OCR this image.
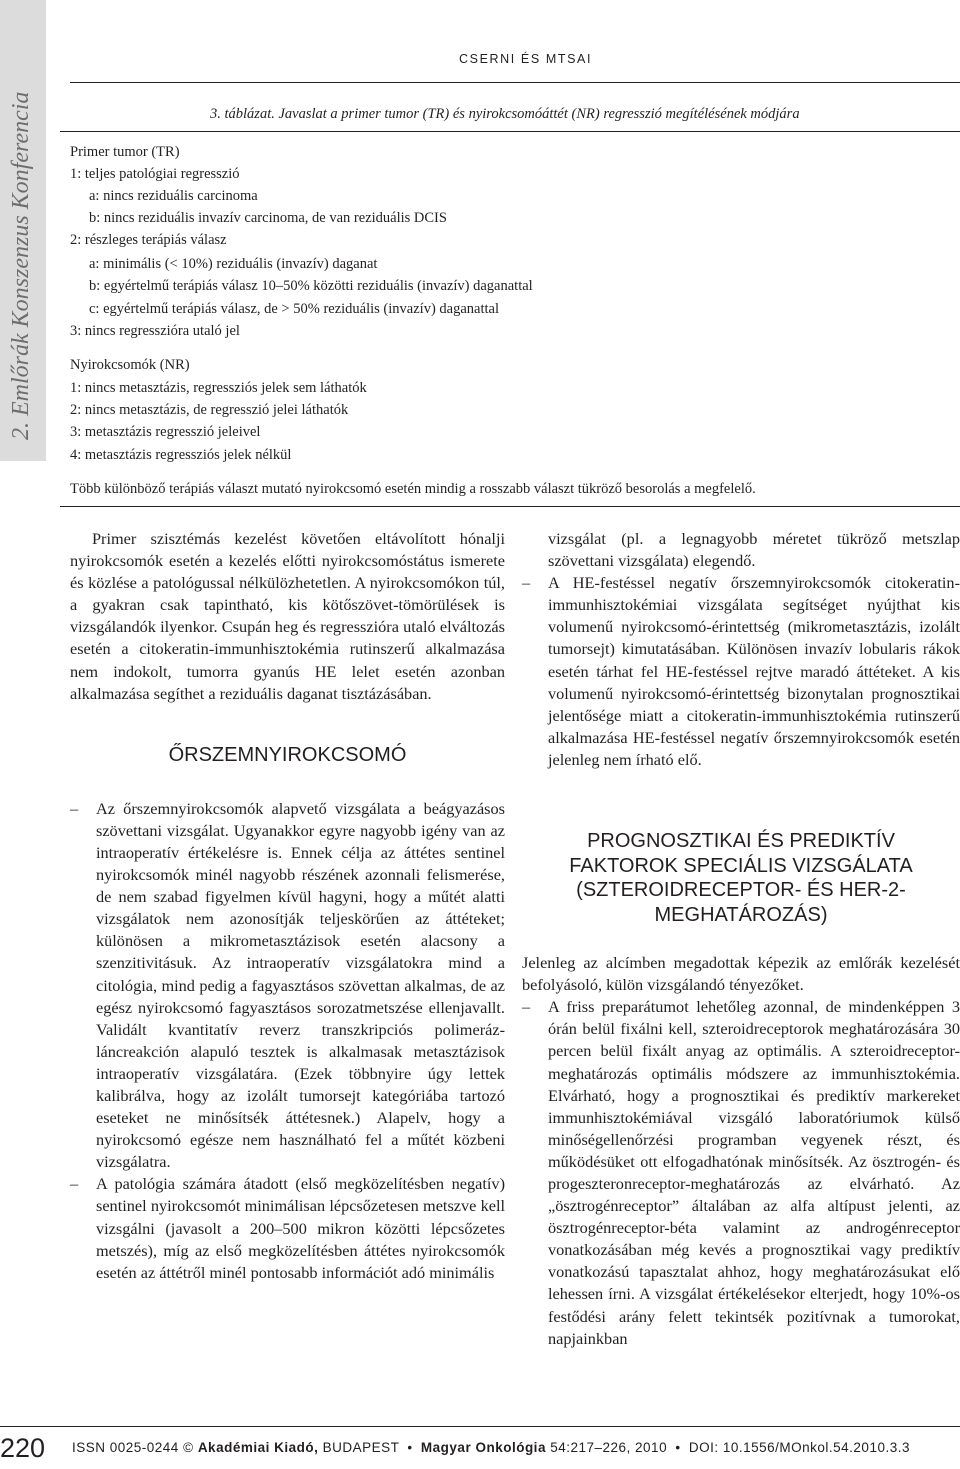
2. Emlőrák Konszenzus Konferencia
CSERNI ÉS MTSAI
3. táblázat. Javaslat a primer tumor (TR) és nyirokcsomóáttét (NR) regresszió megítélésének módjára
Primer tumor (TR)
1: teljes patológiai regresszió
a: nincs reziduális carcinoma
b: nincs reziduális invazív carcinoma, de van reziduális DCIS
2: részleges terápiás válasz
a: minimális (< 10%) reziduális (invazív) daganat
b: egyértelmű terápiás válasz 10–50% közötti reziduális (invazív) daganattal
c: egyértelmű terápiás válasz, de > 50% reziduális (invazív) daganattal
3: nincs regresszióra utaló jel
Nyirokcsomók (NR)
1: nincs metasztázis, regressziós jelek sem láthatók
2: nincs metasztázis, de regresszió jelei láthatók
3: metasztázis regresszió jeleivel
4: metasztázis regressziós jelek nélkül
Több különböző terápiás választ mutató nyirokcsomó esetén mindig a rosszabb választ tükröző besorolás a megfelelő.

Primer szisztémás kezelést követően eltávolított hónalji nyirokcsomók esetén a kezelés előtti nyirokcsomóstátus ismerete és közlése a patológussal nélkülözhetetlen. A nyirokcsomókon túl, a gyakran csak tapintható, kis kötőszövet-tömörülések is vizsgálandók ilyenkor. Csupán heg és regresszióra utaló elváltozás esetén a citokeratin-immunhisztokémia rutinszerű alkalmazása nem indokolt, tumorra gyanús HE lelet esetén azonban alkalmazása segíthet a reziduális daganat tisztázásában.

ŐRSZEMNYIROKCSOMÓ
– Az őrszemnyirokcsomók alapvető vizsgálata a beágyazásos szövettani vizsgálat. Ugyanakkor egyre nagyobb igény van az intraoperatív értékelésre is. Ennek célja az áttétes sentinel nyirokcsomók minél nagyobb részének azonnali felismerése, de nem szabad figyelmen kívül hagyni, hogy a műtét alatti vizsgálatok nem azonosítják teljeskörűen az áttéteket; különösen a mikrometasztázisok esetén alacsony a szenzitivitásuk. Az intraoperatív vizsgálatokra mind a citológia, mind pedig a fagyasztásos szövettan alkalmas, de az egész nyirokcsomó fagyasztásos sorozatmetszése ellenjavallt. Validált kvantitatív reverz transzkripciós polimeráz-láncreakción alapuló tesztek is alkalmasak metasztázisok intraoperatív vizsgálatára. (Ezek többnyire úgy lettek kalibrálva, hogy az izolált tumorsejt kategóriába tartozó eseteket ne minősítsék áttétesnek.) Alapelv, hogy a nyirokcsomó egésze nem használható fel a műtét közbeni vizsgálatra.

– A patológia számára átadott (első megközelítésben negatív) sentinel nyirokcsomót minimálisan lépcsőzetesen metszve kell vizsgálni (javasolt a 200–500 mikron közötti lépcsőzetes metszés), míg az első megközelítésben áttétes nyirokcsomók esetén az áttétről minél pontosabb információt adó minimális

vizsgálat (pl. a legnagyobb méretet tükröző metszlap szövettani vizsgálata) elegendő.

– A HE-festéssel negatív őrszemnyirokcsomók citokeratin-immunhisztokémiai vizsgálata segítséget nyújthat kis volumenű nyirokcsomó-érintettség (mikrometasztázis, izolált tumorsejt) kimutatásában. Különösen invazív lobularis rákok esetén tárhat fel HE-festéssel rejtve maradó áttéteket. A kis volumenű nyirokcsomó-érintettség bizonytalan prognosztikai jelentősége miatt a citokeratin-immunhisztokémia rutinszerű alkalmazása HE-festéssel negatív őrszemnyirokcsomók esetén jelenleg nem írható elő.

PROGNOSZTIKAI ÉS PREDIKTÍV
FAKTOROK SPECIÁLIS VIZSGÁLATA
(SZTEROIDRECEPTOR- ÉS HER-2-
MEGHATÁROZÁS)

Jelenleg az alcímben megadottak képezik az emlőrák kezelését befolyásoló, külön vizsgálandó tényezőket.

– A friss preparátumot lehetőleg azonnal, de mindenképpen 3 órán belül fixálni kell, szteroidreceptorok meghatározására 30 percen belül fixált anyag az optimális. A szteroidreceptor-meghatározás optimális módszere az immunhisztokémia. Elvárható, hogy a prognosztikai és prediktív markereket immunhisztokémiával vizsgáló laboratóriumok külső minőségellenőrzési programban vegyenek részt, és működésüket ott elfogadhatónak minősítsék. Az ösztrogén- és progeszteronreceptor-meghatározás az elvárható. Az „ösztrogénreceptor” általában az alfa altípust jelenti, az ösztrogénreceptor-béta valamint az androgénreceptor vonatkozásában még kevés a prognosztikai vagy prediktív vonatkozású tapasztalat ahhoz, hogy meghatározásukat elő lehessen írni. A vizsgálat értékelésekor elterjedt, hogy 10%-os festődési arány felett tekintsék pozitívnak a tumorokat, napjainkban

220 ISSN 0025-0244 © Akadémiai Kiadó, BUDAPEST • Magyar Onkológia 54:217–226, 2010 • DOI: 10.1556/MOnkol.54.2010.3.3
